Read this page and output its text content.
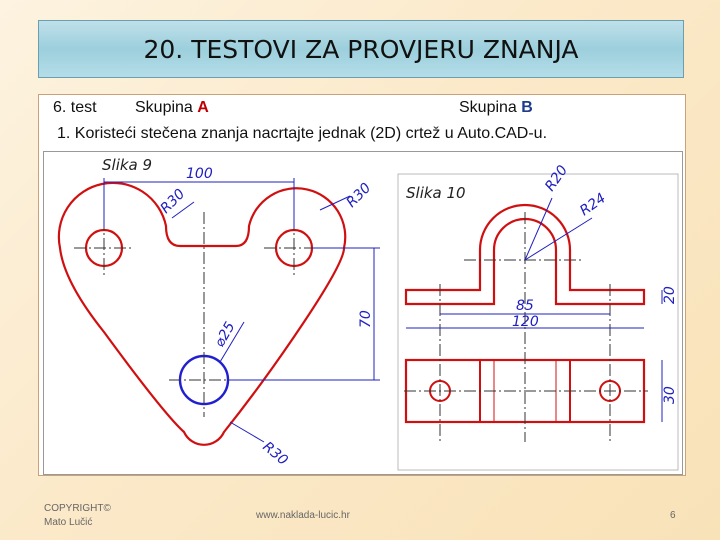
20. TESTOVI ZA PROVJERU ZNANJA
6. test Skupina A	Skupina B
1. Koristeći stečena znanja nacrtajte jednak (2D) crtež u Auto.CAD-u.
Slika 9 100
R30	R30
70
⌀25
R30
Slika 10	R20
R24
85
120
20
30
COPYRIGHT©
Mato Lučić
www.naklada-lucic.hr	6
